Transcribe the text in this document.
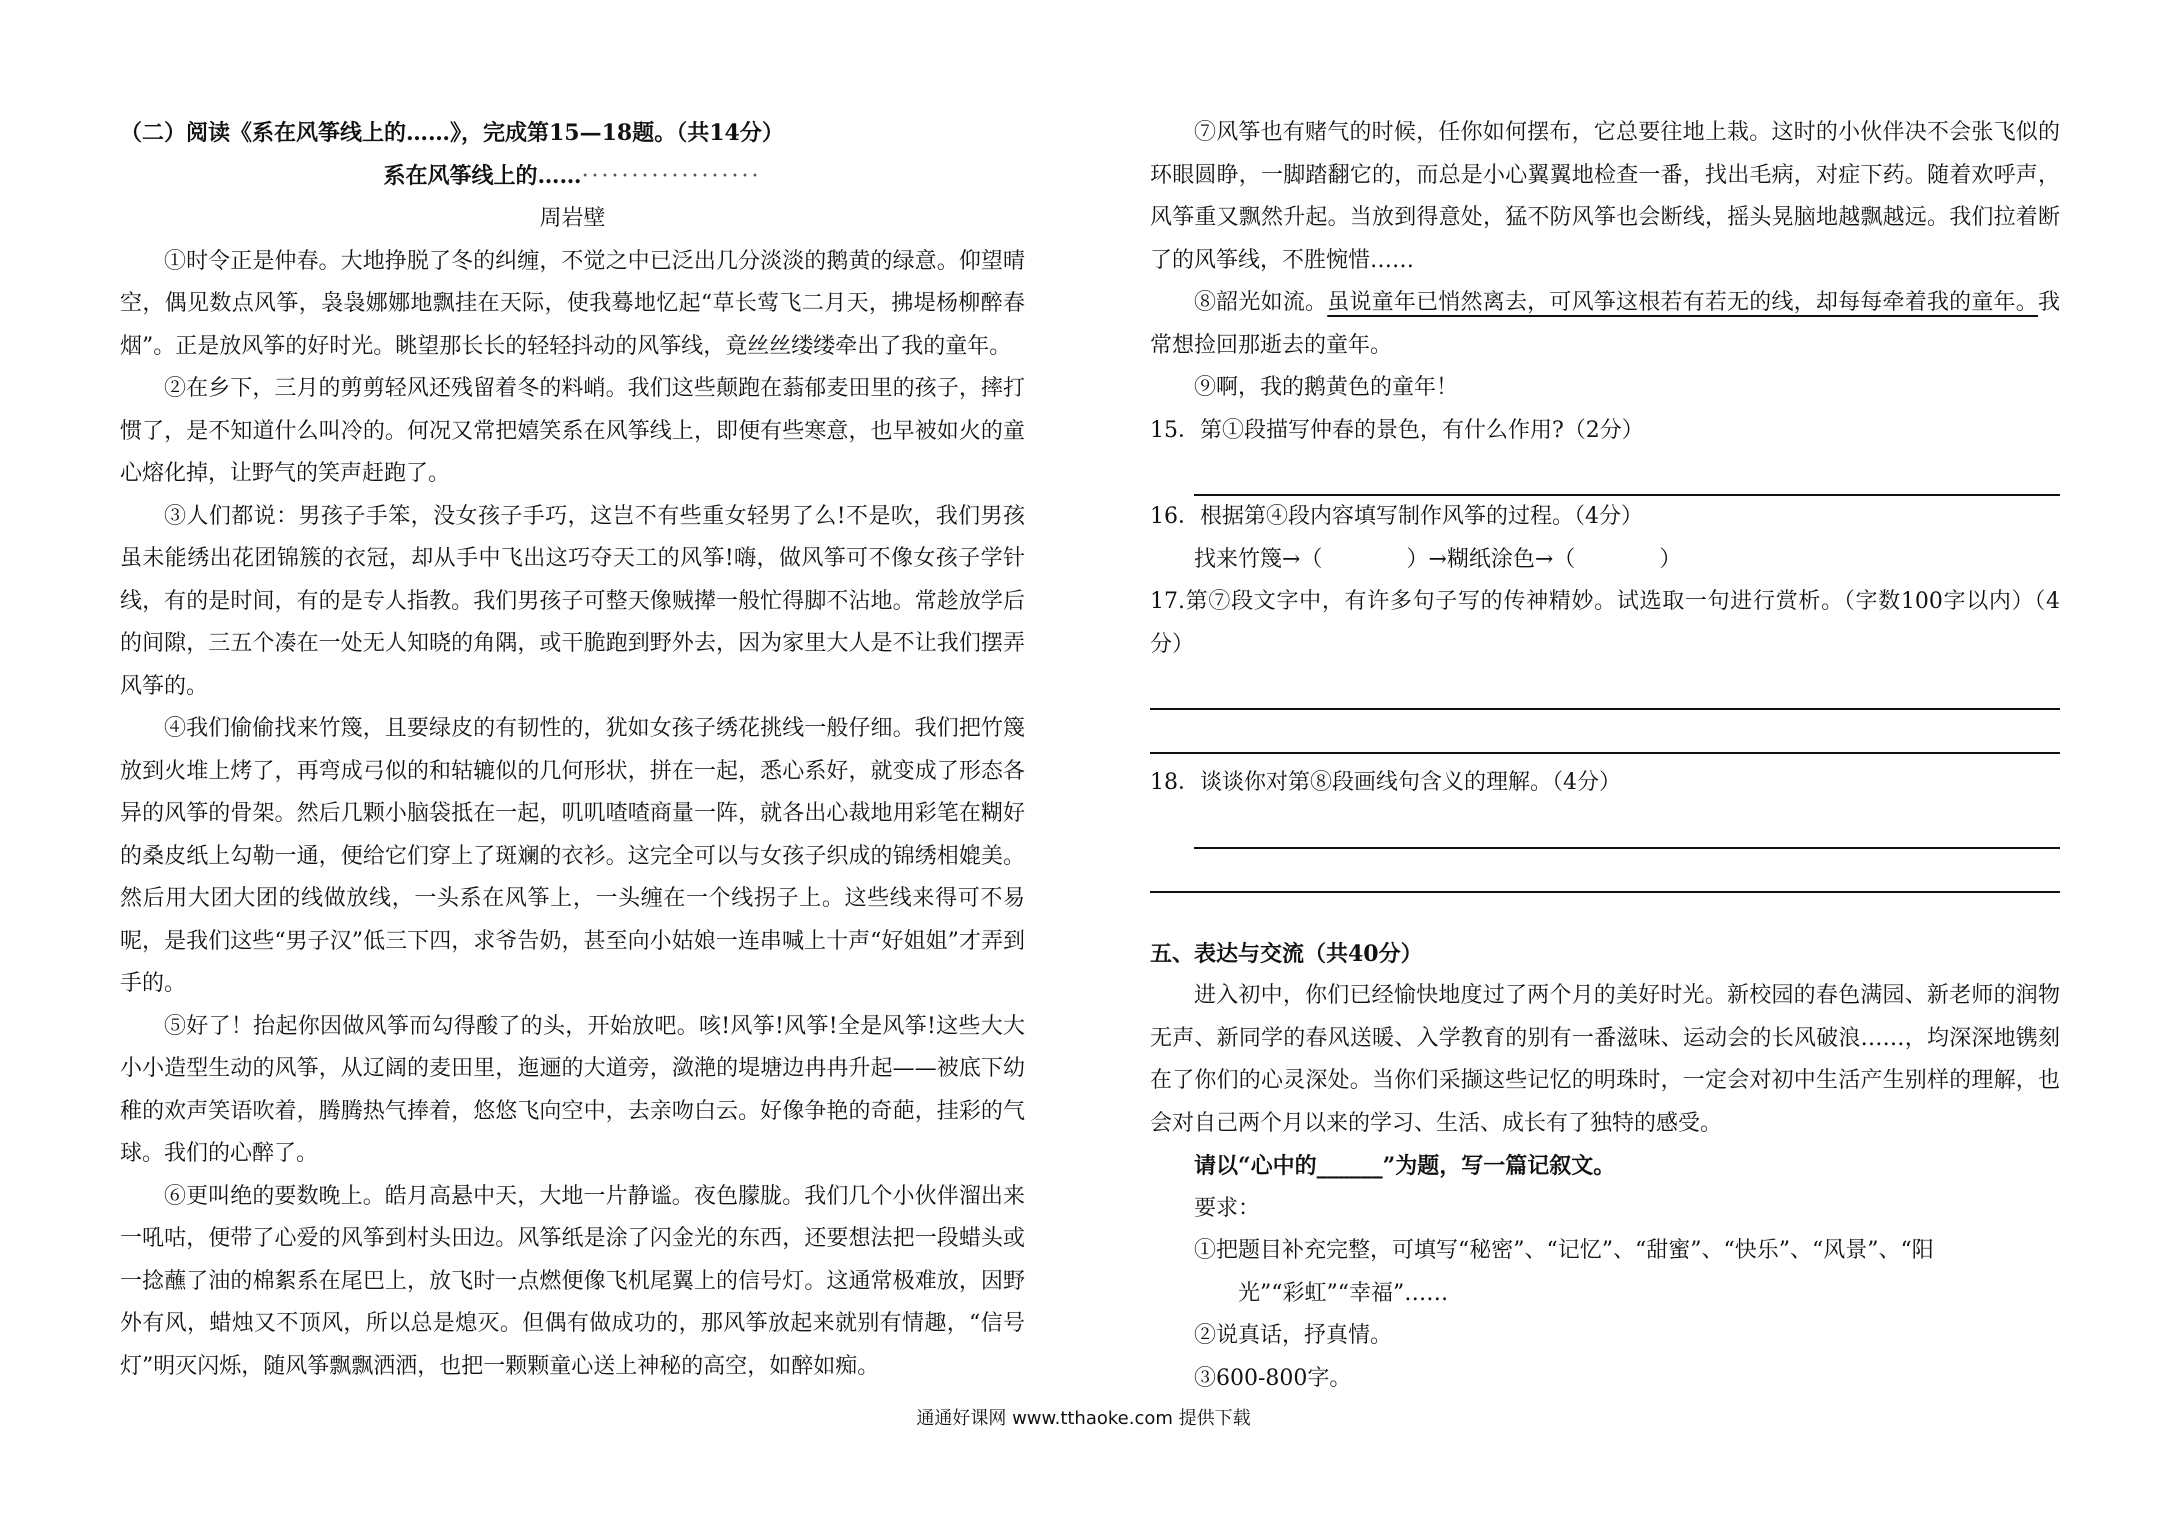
（二）阅读《系在风筝线上的……》，完成第15—18题。（共14分）

系在风筝线上的……··················

周岩壁

①时令正是仲春。大地挣脱了冬的纠缠，不觉之中已泛出几分淡淡的鹅黄的绿意。仰望晴空，偶见数点风筝，袅袅娜娜地飘挂在天际，使我蓦地忆起“草长莺飞二月天，拂堤杨柳醉春烟”。正是放风筝的好时光。眺望那长长的轻轻抖动的风筝线，竟丝丝缕缕牵出了我的童年。

②在乡下，三月的剪剪轻风还残留着冬的料峭。我们这些颠跑在蓊郁麦田里的孩子，摔打惯了，是不知道什么叫冷的。何况又常把嬉笑系在风筝线上，即便有些寒意，也早被如火的童心熔化掉，让野气的笑声赶跑了。

③人们都说：男孩子手笨，没女孩子手巧，这岂不有些重女轻男了么!不是吹，我们男孩虽未能绣出花团锦簇的衣冠，却从手中飞出这巧夺天工的风筝!嗨，做风筝可不像女孩子学针线，有的是时间，有的是专人指教。我们男孩子可整天像贼撵一般忙得脚不沾地。常趁放学后的间隙，三五个凑在一处无人知晓的角隅，或干脆跑到野外去，因为家里大人是不让我们摆弄风筝的。

④我们偷偷找来竹篾，且要绿皮的有韧性的，犹如女孩子绣花挑线一般仔细。我们把竹篾放到火堆上烤了，再弯成弓似的和轱辘似的几何形状，拼在一起，悉心系好，就变成了形态各异的风筝的骨架。然后几颗小脑袋抵在一起，叽叽喳喳商量一阵，就各出心裁地用彩笔在糊好的桑皮纸上勾勒一通，便给它们穿上了斑斓的衣衫。这完全可以与女孩子织成的锦绣相媲美。然后用大团大团的线做放线，一头系在风筝上，一头缠在一个线拐子上。这些线来得可不易呢，是我们这些“男子汉”低三下四，求爷告奶，甚至向小姑娘一连串喊上十声“好姐姐”才弄到手的。

⑤好了！抬起你因做风筝而勾得酸了的头，开始放吧。咳!风筝!风筝!全是风筝!这些大大小小造型生动的风筝，从辽阔的麦田里，迤逦的大道旁，潋滟的堤塘边冉冉升起——被底下幼稚的欢声笑语吹着，腾腾热气捧着，悠悠飞向空中，去亲吻白云。好像争艳的奇葩，挂彩的气球。我们的心醉了。

⑥更叫绝的要数晚上。皓月高悬中天，大地一片静谧。夜色朦胧。我们几个小伙伴溜出来一吼咕，便带了心爱的风筝到村头田边。风筝纸是涂了闪金光的东西，还要想法把一段蜡头或一捻蘸了油的棉絮系在尾巴上，放飞时一点燃便像飞机尾翼上的信号灯。这通常极难放，因野外有风，蜡烛又不顶风，所以总是熄灭。但偶有做成功的，那风筝放起来就别有情趣，“信号灯”明灭闪烁，随风筝飘飘洒洒，也把一颗颗童心送上神秘的高空，如醉如痴。

⑦风筝也有赌气的时候，任你如何摆布，它总要往地上栽。这时的小伙伴决不会张飞似的环眼圆睁，一脚踏翻它的，而总是小心翼翼地检查一番，找出毛病，对症下药。随着欢呼声，风筝重又飘然升起。当放到得意处，猛不防风筝也会断线，摇头晃脑地越飘越远。我们拉着断了的风筝线，不胜惋惜……

⑧韶光如流。虽说童年已悄然离去，可风筝这根若有若无的线，却每每牵着我的童年。我常想捡回那逝去的童年。

⑨啊，我的鹅黄色的童年！

15．第①段描写仲春的景色，有什么作用?（2分）

16．根据第④段内容填写制作风筝的过程。（4分）

找来竹篾→（	）→糊纸涂色→（	）

17.第⑦段文字中，有许多句子写的传神精妙。试选取一句进行赏析。（字数100字以内）（4分）

18．谈谈你对第⑧段画线句含义的理解。（4分）

五、表达与交流（共40分）

进入初中，你们已经愉快地度过了两个月的美好时光。新校园的春色满园、新老师的润物无声、新同学的春风送暖、入学教育的别有一番滋味、运动会的长风破浪……，均深深地镌刻在了你们的心灵深处。当你们采撷这些记忆的明珠时，一定会对初中生活产生别样的理解，也会对自己两个月以来的学习、生活、成长有了独特的感受。

请以“心中的______”为题，写一篇记叙文。

要求：

①把题目补充完整，可填写“秘密”、“记忆”、“甜蜜”、“快乐”、“风景”、“阳

光”“彩虹”“幸福”……

②说真话，抒真情。

③600-800字。

通通好课网 www.tthaoke.com 提供下载
